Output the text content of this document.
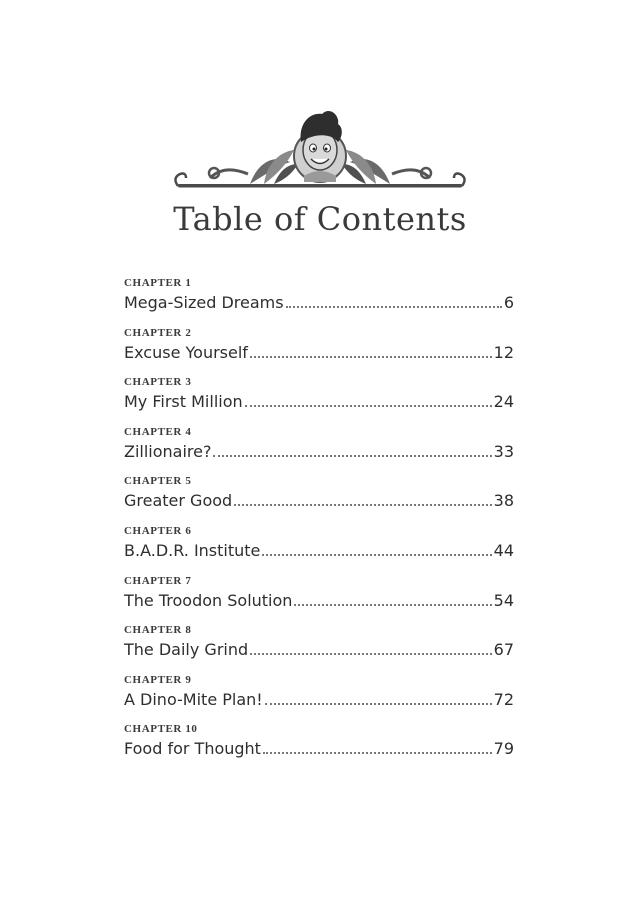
Table of Contents
CHAPTER 1
Mega-Sized Dreams	6
CHAPTER 2
Excuse Yourself	12
CHAPTER 3
My First Million	24
CHAPTER 4
Zillionaire?	33
CHAPTER 5
Greater Good	38
CHAPTER 6
B.A.D.R. Institute	44
CHAPTER 7
The Troodon Solution	54
CHAPTER 8
The Daily Grind	67
CHAPTER 9
A Dino-Mite Plan!	72
CHAPTER 10
Food for Thought	79
